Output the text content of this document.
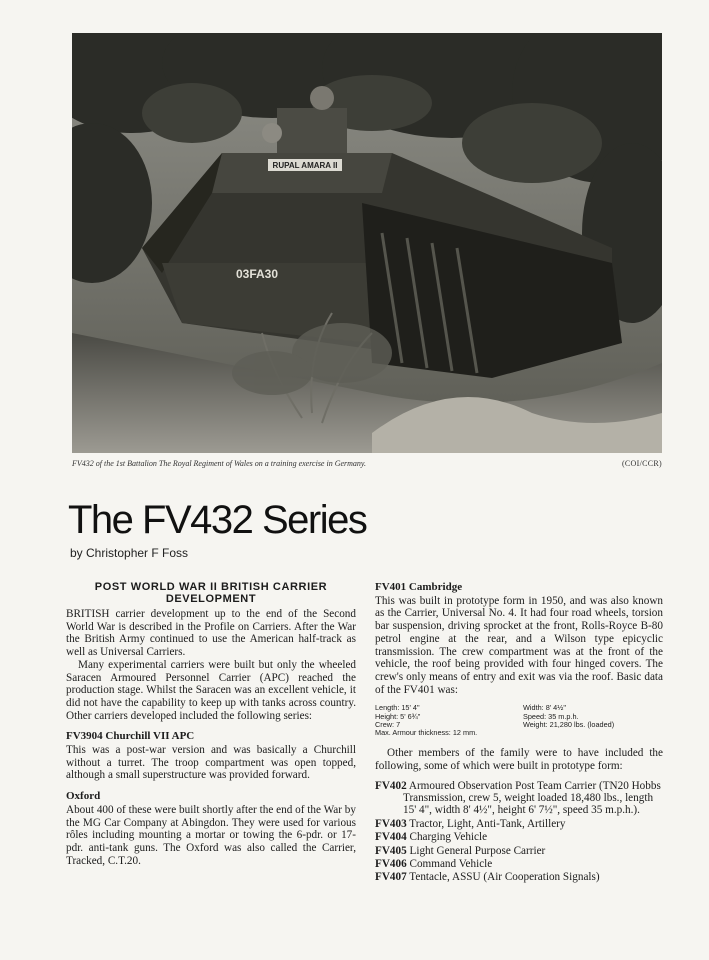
RUPAL AMARA II
03FA30
FV432 of the 1st Battalion The Royal Regiment of Wales on a training exercise in Germany.	(COI/CCR)
The FV432 Series
by Christopher F Foss
POST WORLD WAR II BRITISH CARRIER DEVELOPMENT

BRITISH carrier development up to the end of the Second World War is described in the Profile on Carriers. After the War the British Army continued to use the American half-track as well as Universal Carriers.

Many experimental carriers were built but only the wheeled Saracen Armoured Personnel Carrier (APC) reached the production stage. Whilst the Saracen was an excellent vehicle, it did not have the capability to keep up with tanks across country. Other carriers developed included the following series:

FV3904 Churchill VII APC

This was a post-war version and was basically a Churchill without a turret. The troop compartment was open topped, although a small superstructure was provided forward.

Oxford

About 400 of these were built shortly after the end of the War by the MG Car Company at Abingdon. They were used for various rôles including mounting a mortar or towing the 6-pdr. or 17-pdr. anti-tank guns. The Oxford was also called the Carrier, Tracked, C.T.20.

FV401 Cambridge

This was built in prototype form in 1950, and was also known as the Carrier, Universal No. 4. It had four road wheels, torsion bar suspension, driving sprocket at the front, Rolls-Royce B-80 petrol engine at the rear, and a Wilson type epicyclic transmission. The crew compartment was at the front of the vehicle, the roof being provided with four hinged covers. The crew's only means of entry and exit was via the roof. Basic data of the FV401 was:

Length: 15' 4"	Width: 8' 4½"
Height: 5' 6¾"	Speed: 35 m.p.h.
Crew: 7	Weight: 21,280 lbs. (loaded)
Max. Armour thickness: 12 mm.

Other members of the family were to have included the following, some of which were built in prototype form:

FV402 Armoured Observation Post Team Carrier (TN20 Hobbs Transmission, crew 5, weight loaded 18,480 lbs., length 15' 4", width 8' 4½", height 6' 7½", speed 35 m.p.h.).
FV403 Tractor, Light, Anti-Tank, Artillery
FV404 Charging Vehicle
FV405 Light General Purpose Carrier
FV406 Command Vehicle
FV407 Tentacle, ASSU (Air Cooperation Signals)
